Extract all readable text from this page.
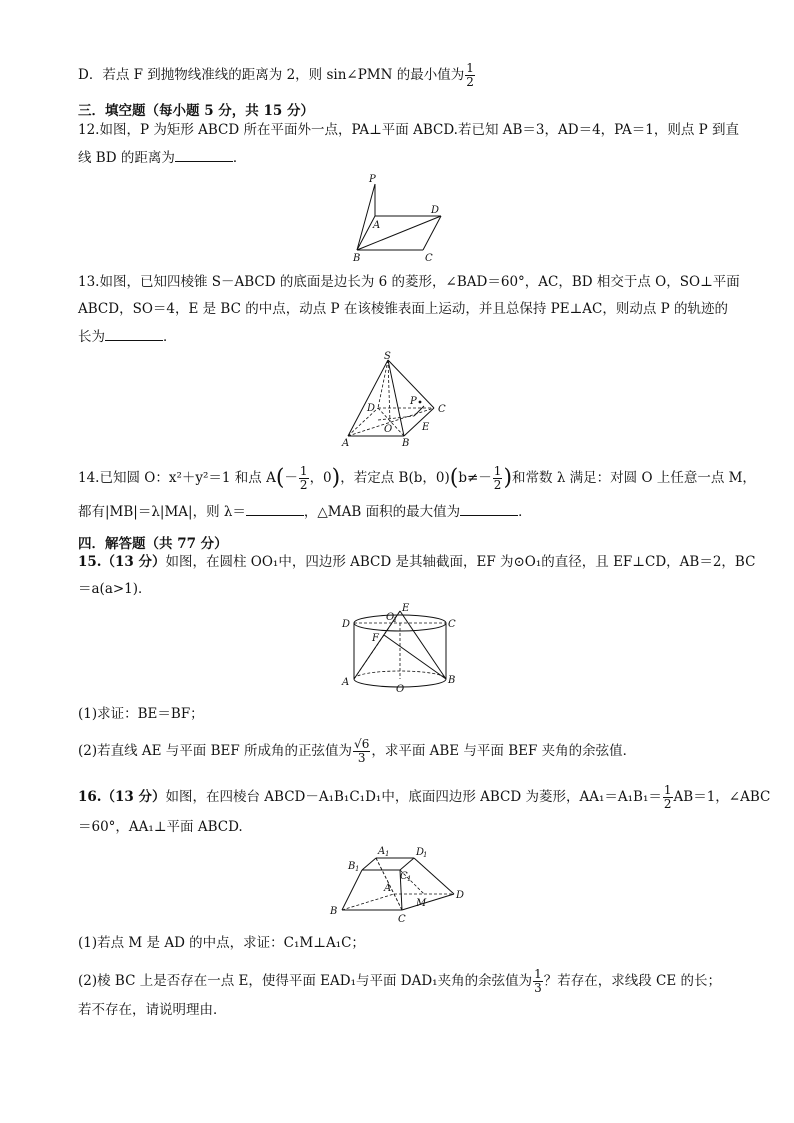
D．若点 F 到抛物线准线的距离为 2，则 sin∠PMN 的最小值为 $\frac{1}{2}$
三．填空题（每小题 5 分，共 15 分）
12.如图，P 为矩形 ABCD 所在平面外一点，PA⊥平面 ABCD.若已知 AB＝3，AD＝4，PA＝1，则点 P 到直
线 BD 的距离为	．
P
A
B	C
D
13.如图，已知四棱锥 S－ABCD 的底面是边长为 6 的菱形，∠BAD＝60°，AC，BD 相交于点 O，SO⊥平面
ABCD，SO＝4，E 是 BC 的中点，动点 P 在该棱锥表面上运动，并且总保持 PE⊥AC，则动点 P 的轨迹的
长为	．
S
D
P
C
O	E
A	B
14.已知圆 O：x²＋y²＝1 和点 $A(- \frac{1}{2}$ ，0)，若定点 B(b，$0)(b\ne- \frac{1}{2}$ )和常数 λ 满足：对圆 O 上任意一点 M，
都有|MB|＝λ|MA|，则 λ＝	，△MAB 面积的最大值为	．
四．解答题（共 77 分）
15.（13 分）如图，在圆柱 OO₁中，四边形 ABCD 是其轴截面，EF 为⊙O₁的直径，且 EF⊥CD，AB＝2，BC
＝a(a>1)．
D
O
1
E
C
F
A
O
B
(1)求证：BE＝BF；
(2)若直线 AE 与平面 BEF 所成角的正弦值为 $\frac{√6}{3}$ ，求平面 ABE 与平面 BEF 夹角的余弦值．
16.（13 分）如图，在四棱台 ABCD－A₁B₁C₁D₁中，底面四边形 ABCD 为菱形，$AA_1=A_1B_1= \frac{1}{2} AB=1$，∠ABC
＝60°，AA₁⊥平面 ABCD.
A 1	D
1
B 1
C 1
A
M
D
B
C
(1)若点 M 是 AD 的中点，求证：C₁M⊥A₁C；
(2)棱 BC 上是否存在一点 E，使得平面 EAD₁与平面 DAD₁夹角的余弦值为 $\frac{1}{3}$ ？若存在，求线段 CE 的长；
若不存在，请说明理由．
